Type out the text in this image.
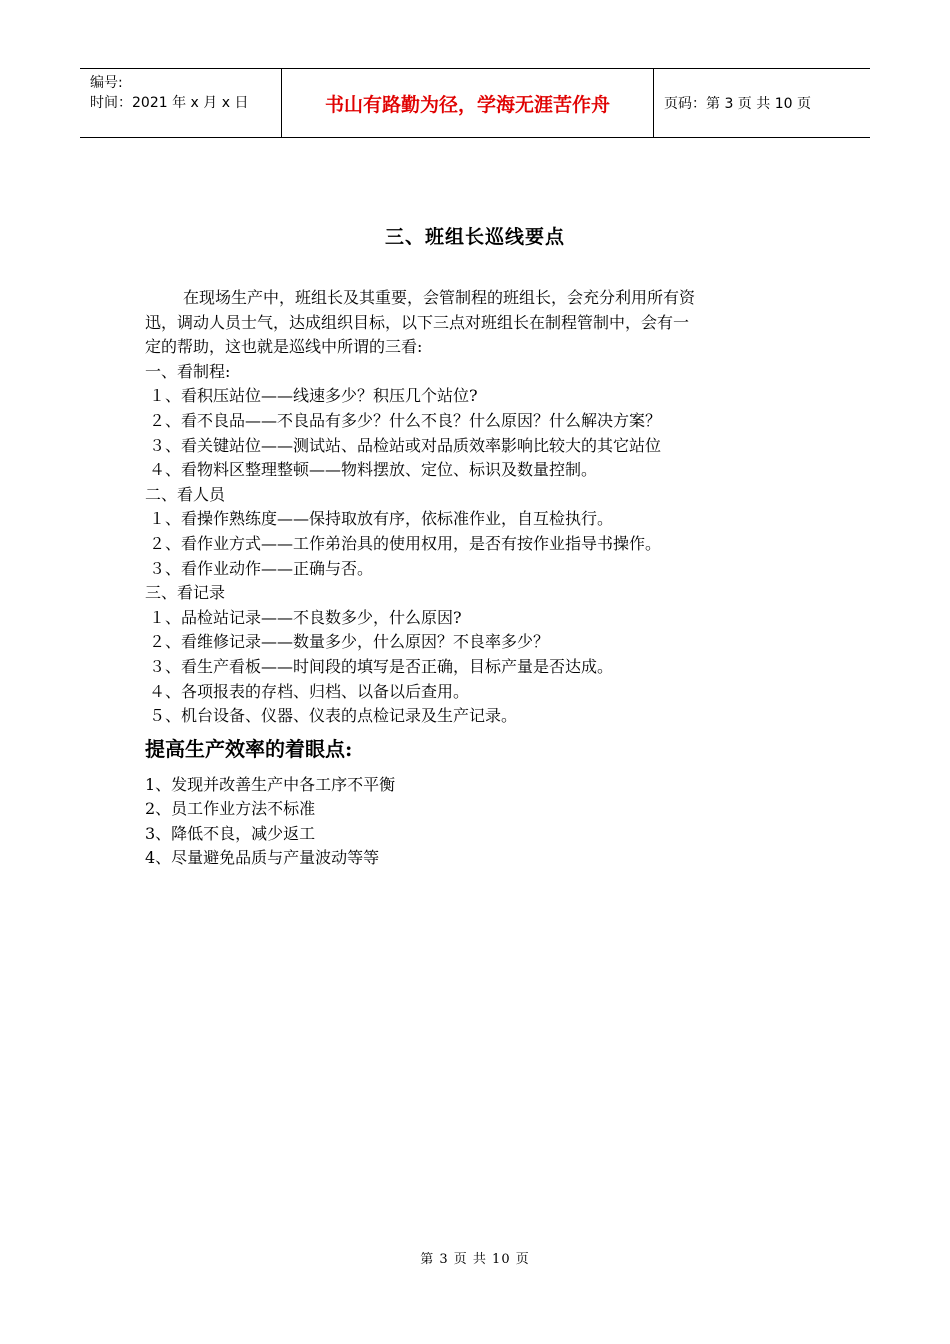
编号:
时间：2021 年 x 月 x 日	书山有路勤为径，学海无涯苦作舟	页码：第 3 页 共 10 页
三、班组长巡线要点

在现场生产中，班组长及其重要，会管制程的班组长，会充分利用所有资

迅，调动人员士气，达成组织目标，以下三点对班组长在制程管制中，会有一

定的帮助，这也就是巡线中所谓的三看:

一、看制程:

１、看积压站位——线速多少？积压几个站位?

２、看不良品——不良品有多少？什么不良？什么原因？什么解决方案？

３、看关键站位——测试站、品检站或对品质效率影响比较大的其它站位

４、看物料区整理整顿——物料摆放、定位、标识及数量控制。

二、看人员

１、看操作熟练度——保持取放有序，依标准作业，自互检执行。

２、看作业方式——工作弟治具的使用权用，是否有按作业指导书操作。

３、看作业动作——正确与否。

三、看记录

１、品检站记录——不良数多少，什么原因?

２、看维修记录——数量多少，什么原因？不良率多少？

３、看生产看板——时间段的填写是否正确，目标产量是否达成。

４、各项报表的存档、归档、以备以后查用。

５、机台设备、仪器、仪表的点检记录及生产记录。

提高生产效率的着眼点:

1、发现并改善生产中各工序不平衡

2、员工作业方法不标准

3、降低不良，减少返工

4、尽量避免品质与产量波动等等

第 3 页 共 10 页
